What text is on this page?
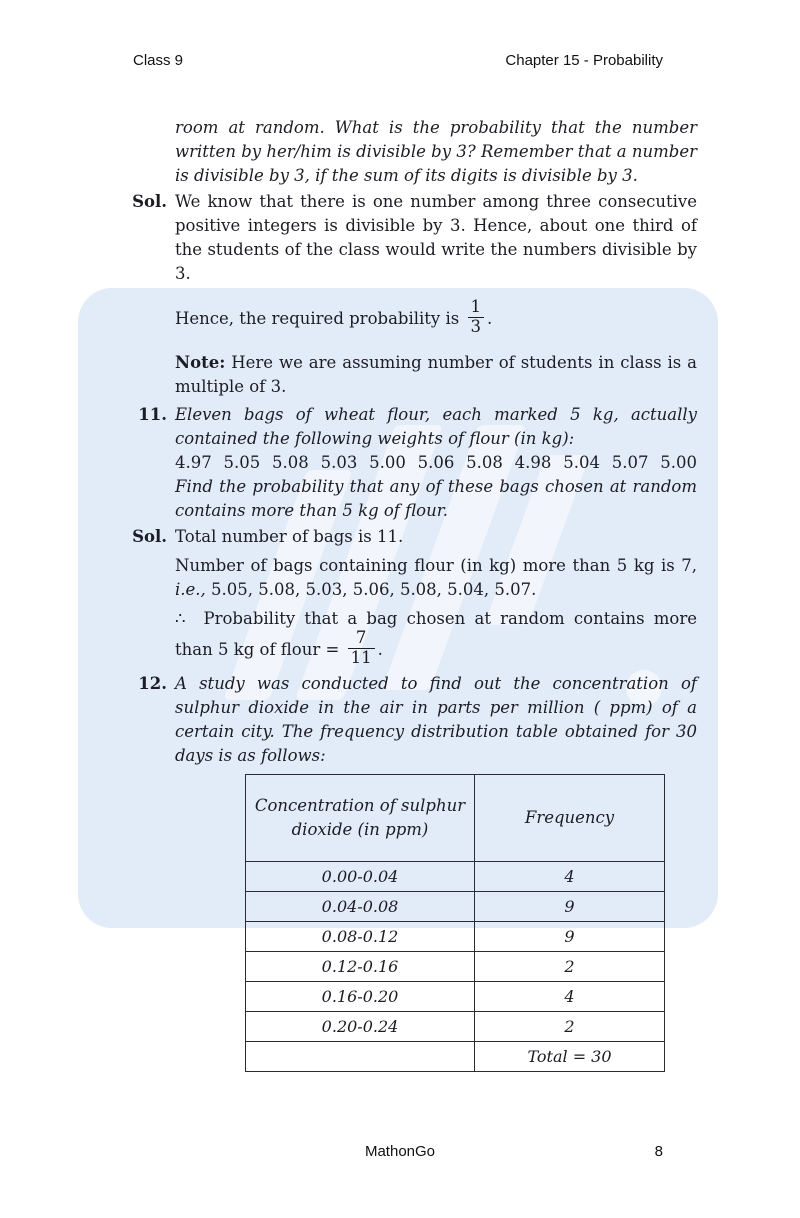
Class 9	Chapter 15 - Probability

room at random. What is the probability that the number written by her/him is divisible by 3? Remember that a number is divisible by 3, if the sum of its digits is divisible by 3.

Sol. We know that there is one number among three consecutive positive integers is divisible by 3. Hence, about one third of the students of the class would write the numbers divisible by 3.

Hence, the required probability is $\frac{1}{3}$ .

Note: Here we are assuming number of students in class is a multiple of 3.

11. Eleven bags of wheat flour, each marked 5 kg, actually contained the following weights of flour (in kg):

4.97 5.05 5.08 5.03 5.00 5.06 5.08 4.98 5.04 5.07 5.00

Find the probability that any of these bags chosen at random contains more than 5 kg of flour.

Sol. Total number of bags is 11.

Number of bags containing flour (in kg) more than 5 kg is 7, i.e., 5.05, 5.08, 5.03, 5.06, 5.08, 5.04, 5.07.

∴ Probability that a bag chosen at random contains more than 5 kg of flour = $\frac{7}{11}$ .

12. A study was conducted to find out the concentration of sulphur dioxide in the air in parts per million ( ppm) of a certain city. The frequency distribution table obtained for 30 days is as follows:

Concentration of sulphur dioxide (in ppm)	Frequency
0.00-0.04	4
0.04-0.08	9
0.08-0.12	9
0.12-0.16	2
0.16-0.20	4
0.20-0.24	2
	Total = 30
MathonGo	8
